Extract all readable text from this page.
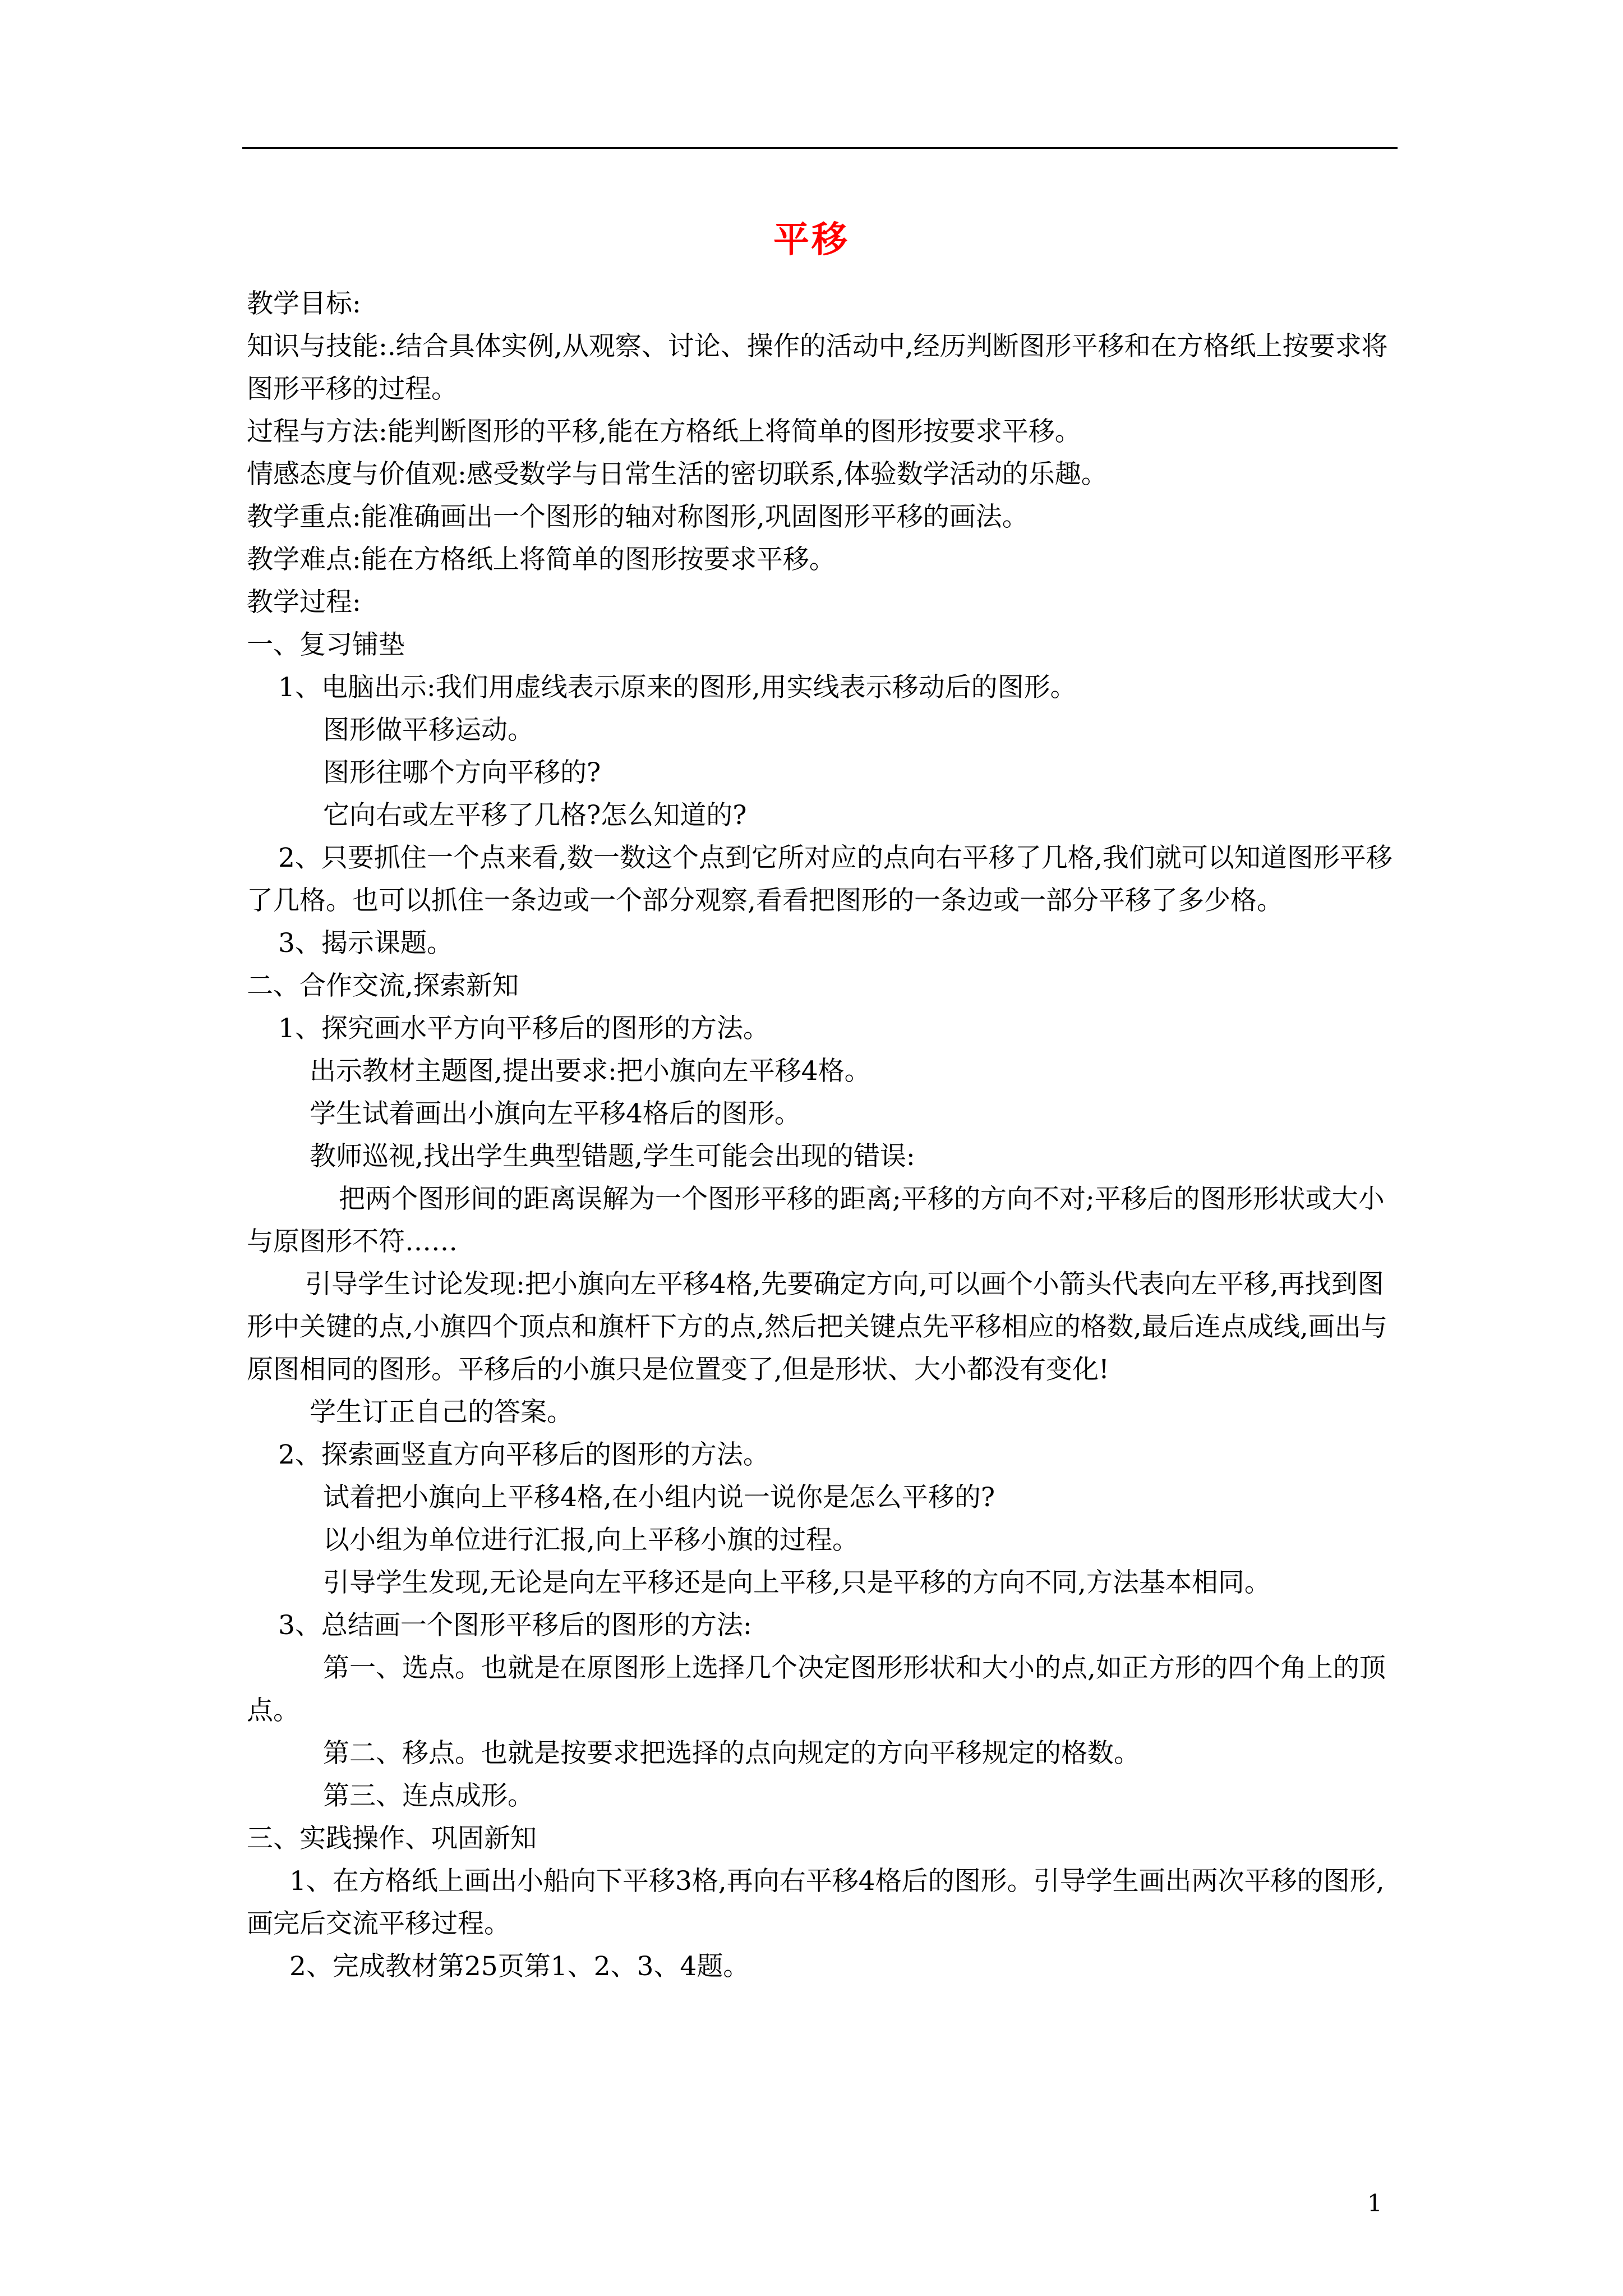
平移
教学目标:
知识与技能:.结合具体实例,从观察、讨论、操作的活动中,经历判断图形平移和在方格纸上按要求将图形平移的过程。
过程与方法:能判断图形的平移,能在方格纸上将简单的图形按要求平移。
情感态度与价值观:感受数学与日常生活的密切联系,体验数学活动的乐趣。
教学重点:能准确画出一个图形的轴对称图形,巩固图形平移的画法。
教学难点:能在方格纸上将简单的图形按要求平移。
教学过程:
一、复习铺垫
1、电脑出示:我们用虚线表示原来的图形,用实线表示移动后的图形。
图形做平移运动。
图形往哪个方向平移的?
它向右或左平移了几格?怎么知道的?
2、只要抓住一个点来看,数一数这个点到它所对应的点向右平移了几格,我们就可以知道图形平移了几格。也可以抓住一条边或一个部分观察,看看把图形的一条边或一部分平移了多少格。
3、揭示课题。
二、合作交流,探索新知
1、探究画水平方向平移后的图形的方法。
出示教材主题图,提出要求:把小旗向左平移4格。
学生试着画出小旗向左平移4格后的图形。
教师巡视,找出学生典型错题,学生可能会出现的错误:
把两个图形间的距离误解为一个图形平移的距离;平移的方向不对;平移后的图形形状或大小与原图形不符……
引导学生讨论发现:把小旗向左平移4格,先要确定方向,可以画个小箭头代表向左平移,再找到图形中关键的点,小旗四个顶点和旗杆下方的点,然后把关键点先平移相应的格数,最后连点成线,画出与原图相同的图形。平移后的小旗只是位置变了,但是形状、大小都没有变化!
学生订正自己的答案。
2、探索画竖直方向平移后的图形的方法。
试着把小旗向上平移4格,在小组内说一说你是怎么平移的?
以小组为单位进行汇报,向上平移小旗的过程。
引导学生发现,无论是向左平移还是向上平移,只是平移的方向不同,方法基本相同。
3、总结画一个图形平移后的图形的方法:
第一、选点。也就是在原图形上选择几个决定图形形状和大小的点,如正方形的四个角上的顶点。
第二、移点。也就是按要求把选择的点向规定的方向平移规定的格数。
第三、连点成形。
三、实践操作、巩固新知
1、在方格纸上画出小船向下平移3格,再向右平移4格后的图形。引导学生画出两次平移的图形,画完后交流平移过程。
2、完成教材第25页第1、2、3、4题。
1
